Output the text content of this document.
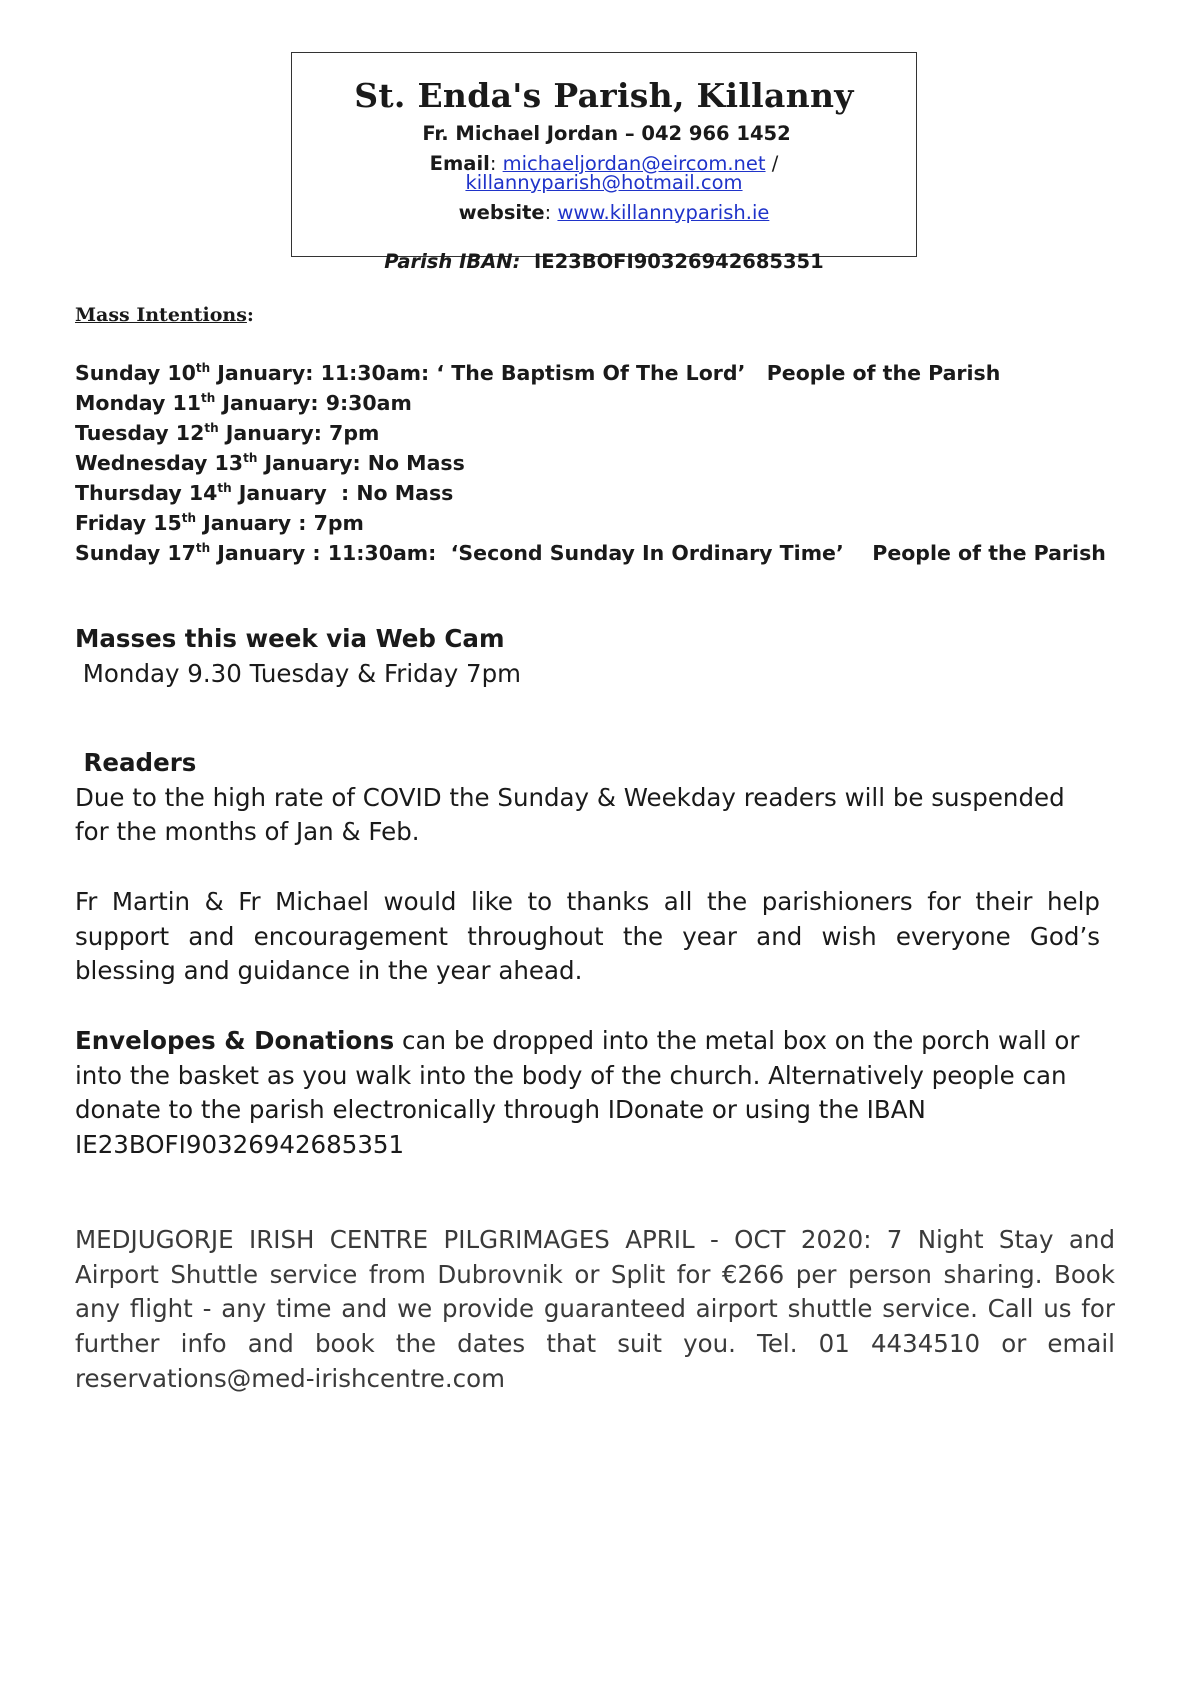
St. Enda's Parish, Killanny
Fr. Michael Jordan – 042 966 1452
Email: michaeljordan@eircom.net / killannyparish@hotmail.com
website: www.killannyparish.ie
Parish IBAN: IE23BOFI90326942685351
Mass Intentions:
Sunday 10th January: 11:30am: ‘ The Baptism Of The Lord’   People of the Parish
Monday 11th January: 9:30am
Tuesday 12th January: 7pm
Wednesday 13th January: No Mass
Thursday 14th January  : No Mass
Friday 15th January : 7pm
Sunday 17th January : 11:30am:  ‘Second Sunday In Ordinary Time’    People of the Parish
Masses this week via Web Cam
Monday 9.30 Tuesday & Friday 7pm
Readers
Due to the high rate of COVID the Sunday & Weekday readers will be suspended for the months of Jan & Feb.
Fr Martin & Fr Michael would like to thanks all the parishioners for their help support and encouragement throughout the year and wish everyone God’s blessing and guidance in the year ahead.
Envelopes & Donations can be dropped into the metal box on the porch wall or into the basket as you walk into the body of the church. Alternatively people can donate to the parish electronically through IDonate or using the IBAN IE23BOFI90326942685351
MEDJUGORJE IRISH CENTRE PILGRIMAGES APRIL - OCT 2020: 7 Night Stay and Airport Shuttle service from Dubrovnik or Split for €266 per person sharing. Book any flight - any time and we provide guaranteed airport shuttle service. Call us for further info and book the dates that suit you. Tel. 01 4434510 or email reservations@med-irishcentre.com
